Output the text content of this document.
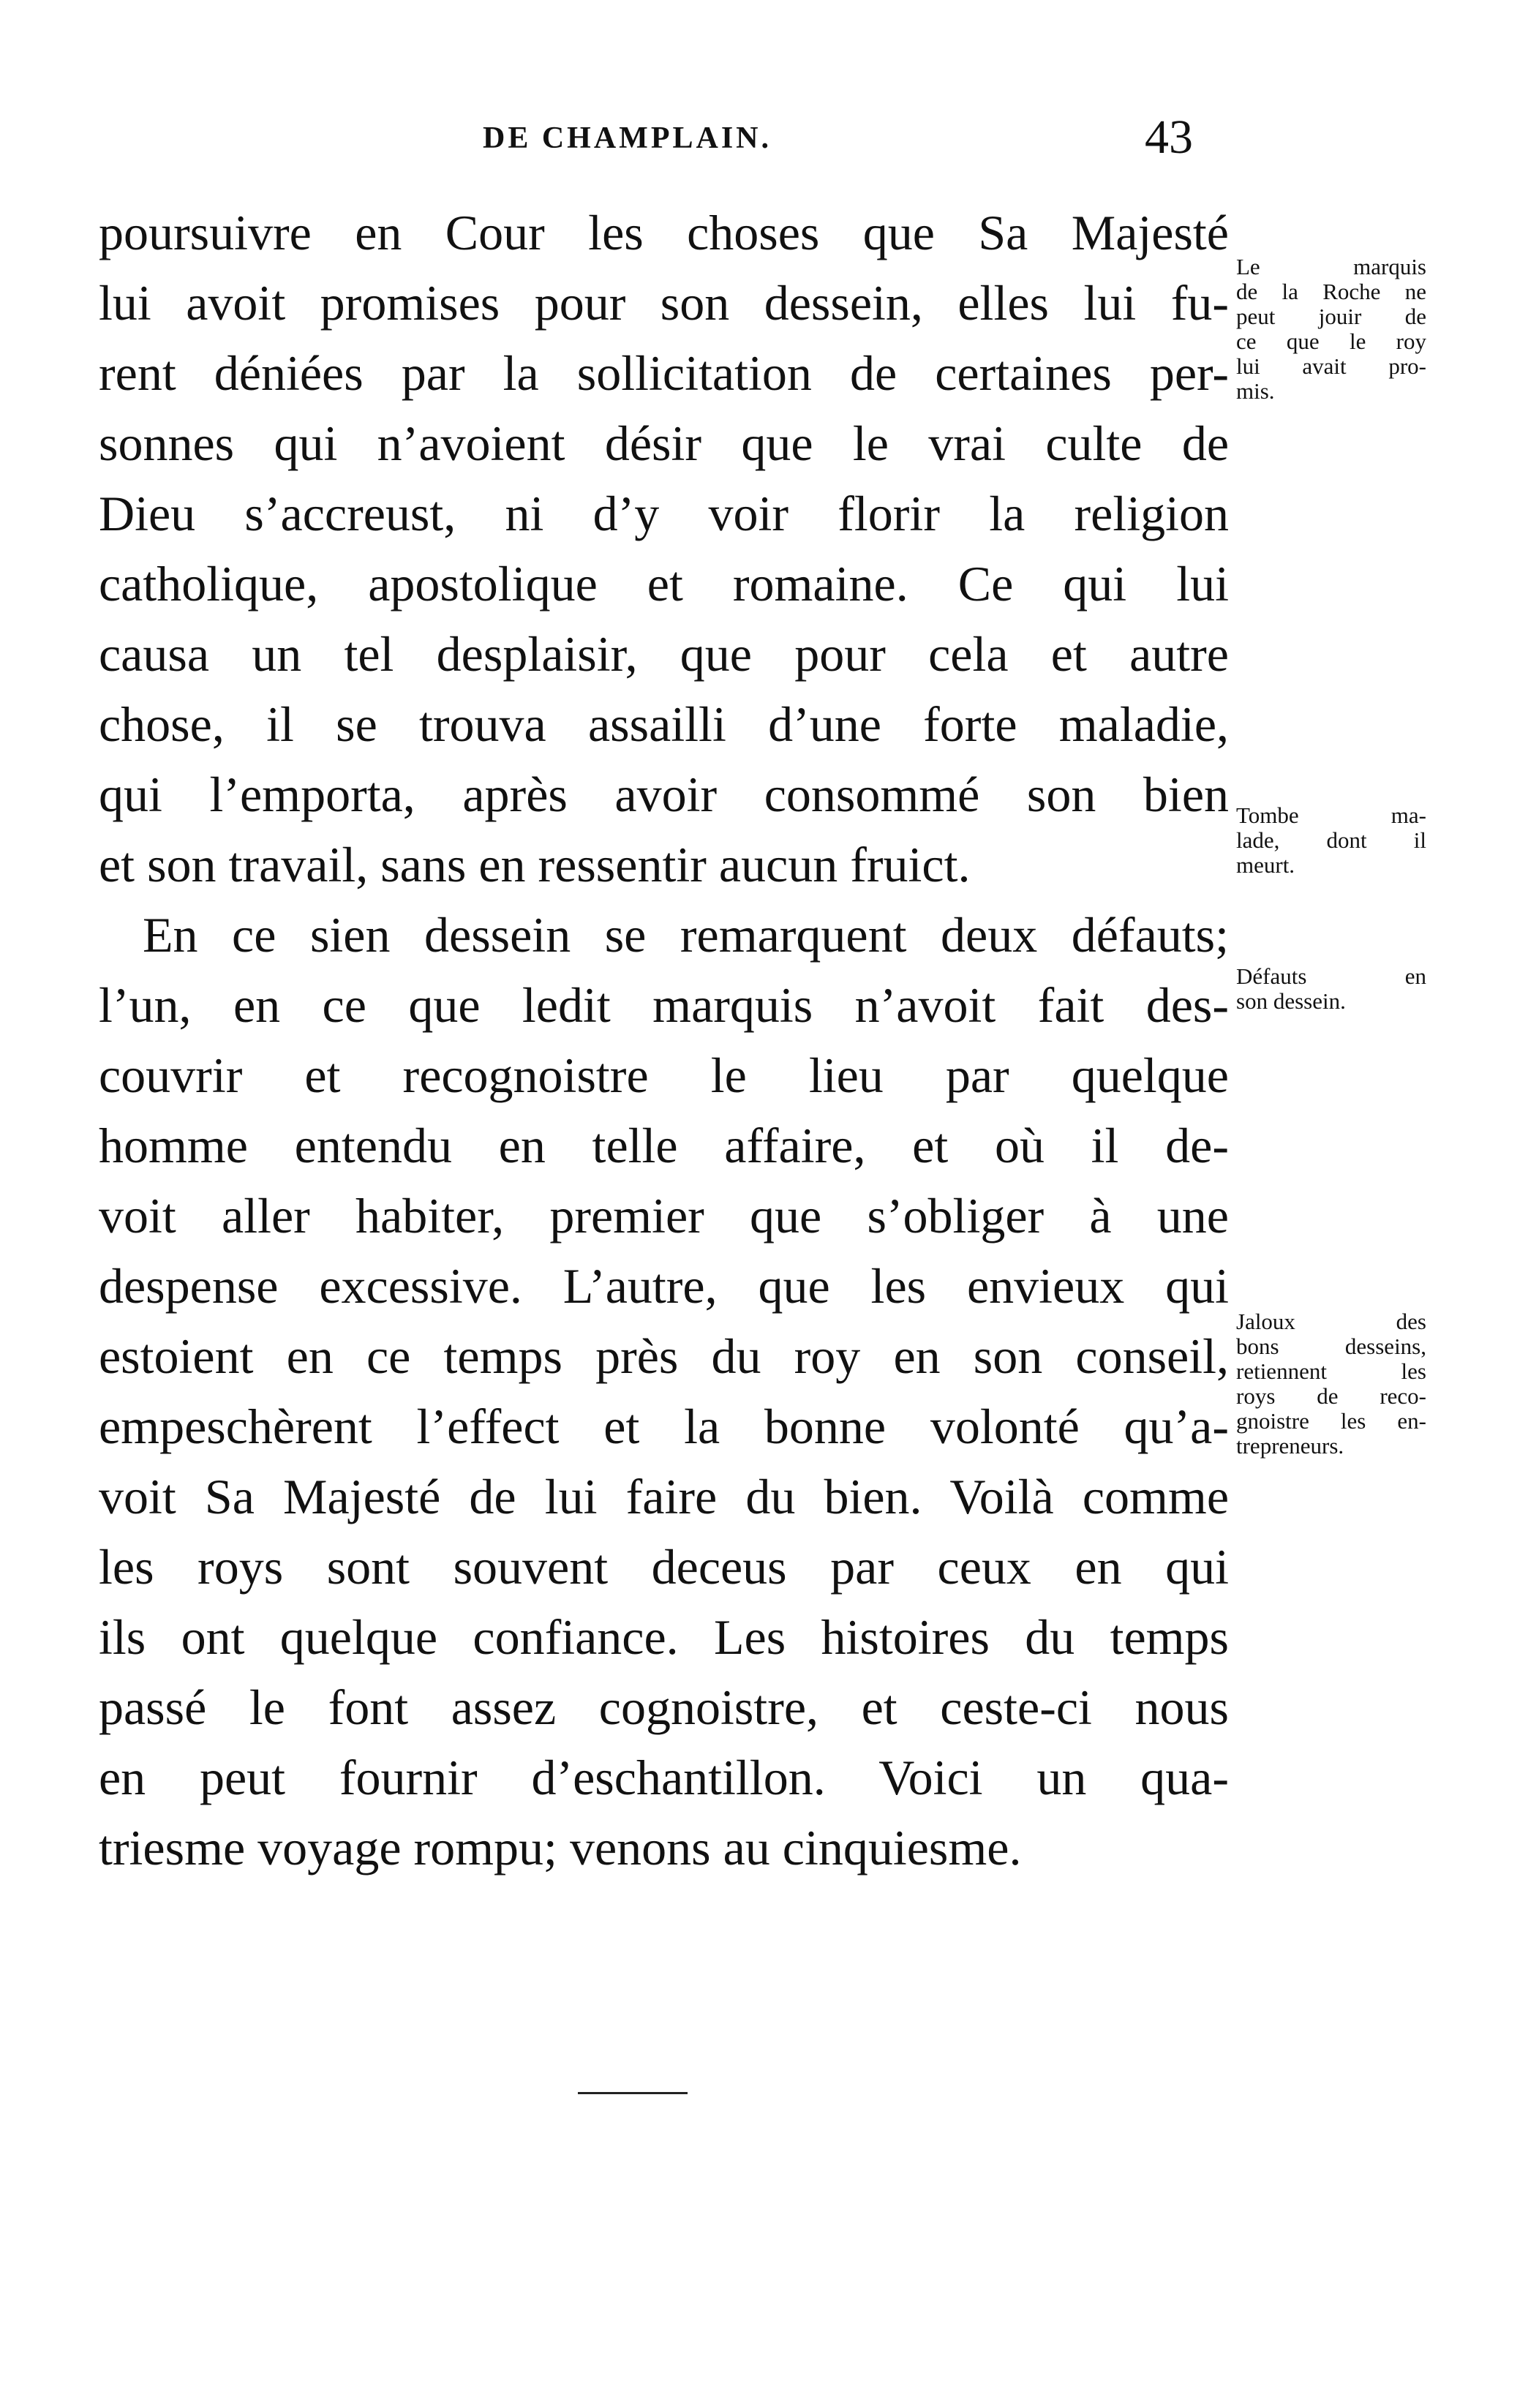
DE CHAMPLAIN.	43
poursuivre en Cour les choses que Sa Majesté
lui avoit promises pour son dessein, elles lui fu-
rent déniées par la sollicitation de certaines per-
sonnes qui n’avoient désir que le vrai culte de
Dieu s’accreust, ni d’y voir florir la religion
catholique, apostolique et romaine. Ce qui lui
causa un tel desplaisir, que pour cela et autre
chose, il se trouva assailli d’une forte maladie,
qui l’emporta, après avoir consommé son bien
et son travail, sans en ressentir aucun fruict.
En ce sien dessein se remarquent deux défauts;
l’un, en ce que ledit marquis n’avoit fait des-
couvrir et recognoistre le lieu par quelque
homme entendu en telle affaire, et où il de-
voit aller habiter, premier que s’obliger à une
despense excessive. L’autre, que les envieux qui
estoient en ce temps près du roy en son conseil,
empeschèrent l’effect et la bonne volonté qu’a-
voit Sa Majesté de lui faire du bien. Voilà comme
les roys sont souvent deceus par ceux en qui
ils ont quelque confiance. Les histoires du temps
passé le font assez cognoistre, et ceste-ci nous
en peut fournir d’eschantillon. Voici un qua-
triesme voyage rompu; venons au cinquiesme.
Le marquis
de la Roche ne
peut jouir de
ce que le roy
lui avait pro-
mis.
Tombe ma-
lade, dont il
meurt.
Défauts en
son dessein.
Jaloux des
bons desseins,
retiennent les
roys de reco-
gnoistre les en-
trepreneurs.
